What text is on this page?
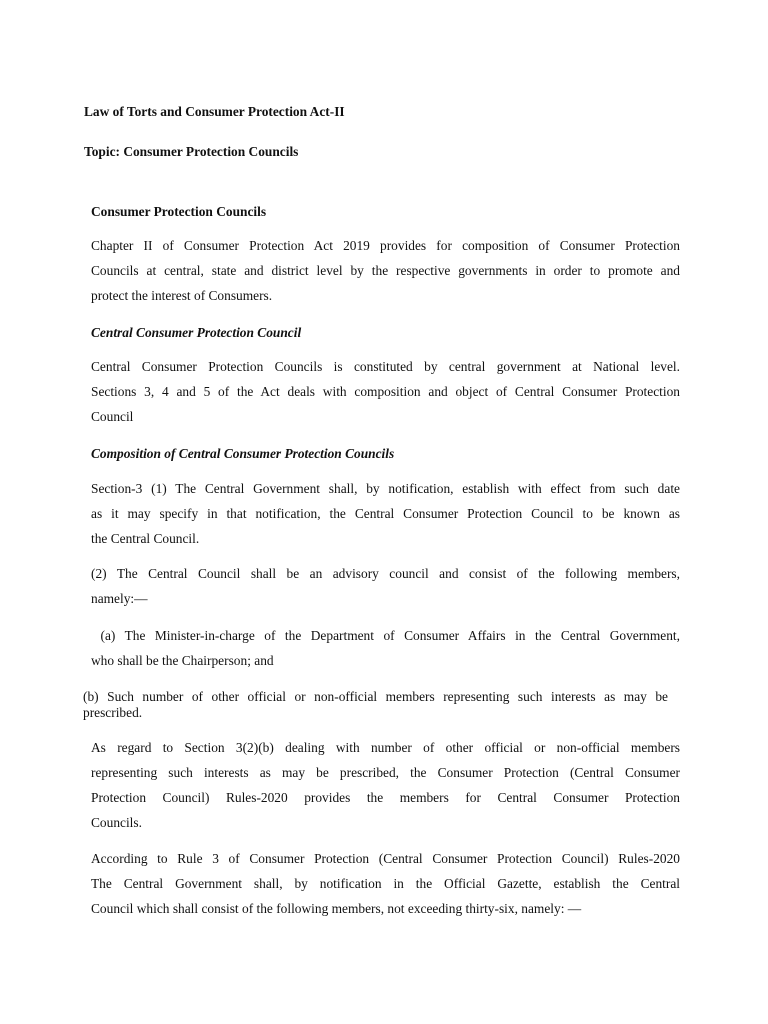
Law of Torts and Consumer Protection Act-II

Topic: Consumer Protection Councils

Consumer Protection Councils

Chapter II of Consumer Protection Act 2019 provides for composition of Consumer Protection
Councils at central, state and district level by the respective governments in order to promote and
protect the interest of Consumers.

Central Consumer Protection Council

Central Consumer Protection Councils is constituted by central government at National level.
Sections 3, 4 and 5 of the Act deals with composition and object of Central Consumer Protection
Council

Composition of Central Consumer Protection Councils

Section-3 (1) The Central Government shall, by notification, establish with effect from such date
as it may specify in that notification, the Central Consumer Protection Council to be known as
the Central Council.
(2) The Central Council shall be an advisory council and consist of the following members,
namely:—
(a) The Minister-in-charge of the Department of Consumer Affairs in the Central Government,
who shall be the Chairperson; and
(b) Such number of other official or non-official members representing such interests as may be
prescribed.
As regard to Section 3(2)(b) dealing with number of other official or non-official members
representing such interests as may be prescribed, the Consumer Protection (Central Consumer
Protection Council) Rules-2020 provides the members for Central Consumer Protection
Councils.
According to Rule 3 of Consumer Protection (Central Consumer Protection Council) Rules-2020
The Central Government shall, by notification in the Official Gazette, establish the Central
Council which shall consist of the following members, not exceeding thirty-six, namely: —
